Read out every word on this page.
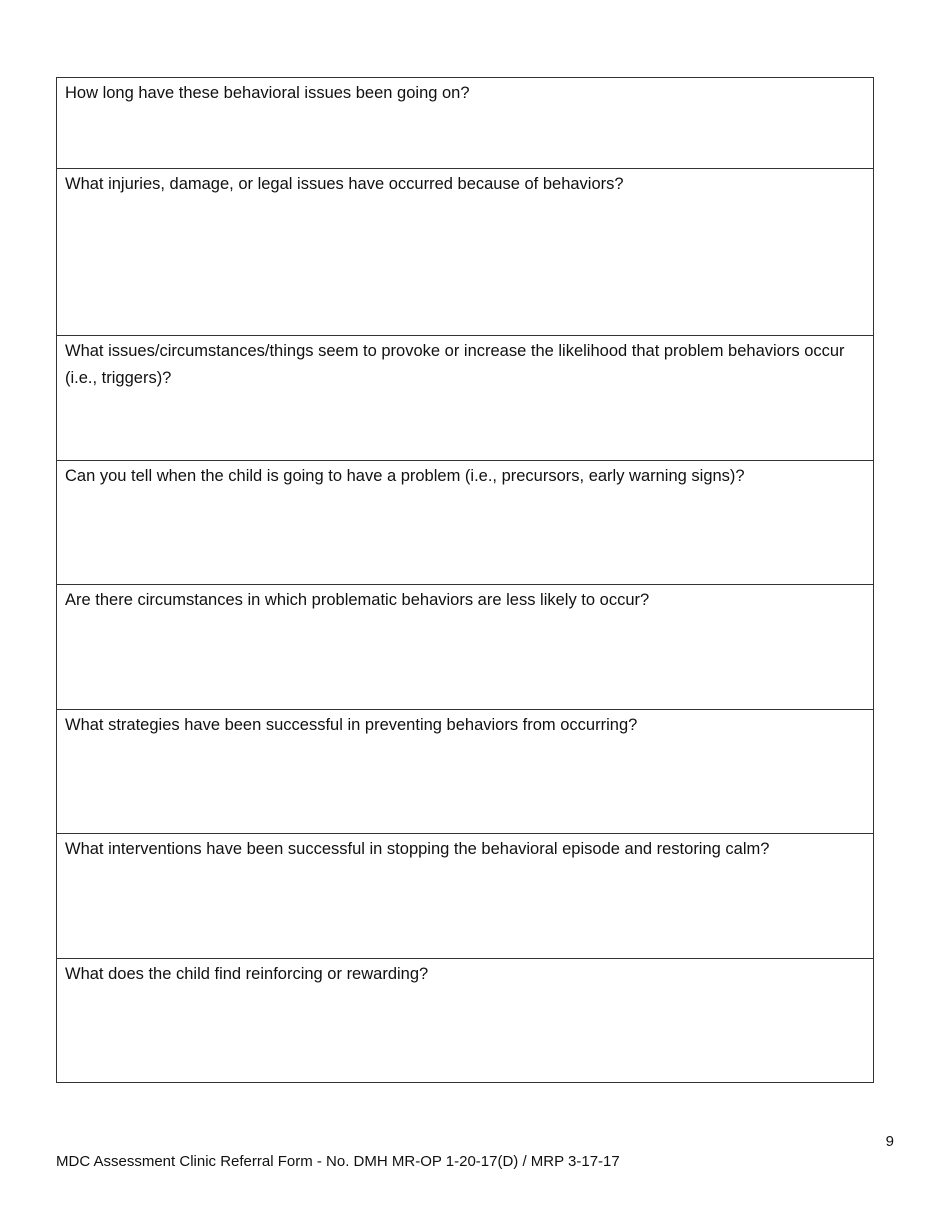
How long have these behavioral issues been going on?
What injuries, damage, or legal issues have occurred because of behaviors?
What issues/circumstances/things seem to provoke or increase the likelihood that problem behaviors occur (i.e., triggers)?
Can you tell when the child is going to have a problem (i.e., precursors, early warning signs)?
Are there circumstances in which problematic behaviors are less likely to occur?
What strategies have been successful in preventing behaviors from occurring?
What interventions have been successful in stopping the behavioral episode and restoring calm?
What does the child find reinforcing or rewarding?
9
MDC Assessment Clinic Referral Form - No. DMH MR-OP 1-20-17(D) / MRP 3-17-17
